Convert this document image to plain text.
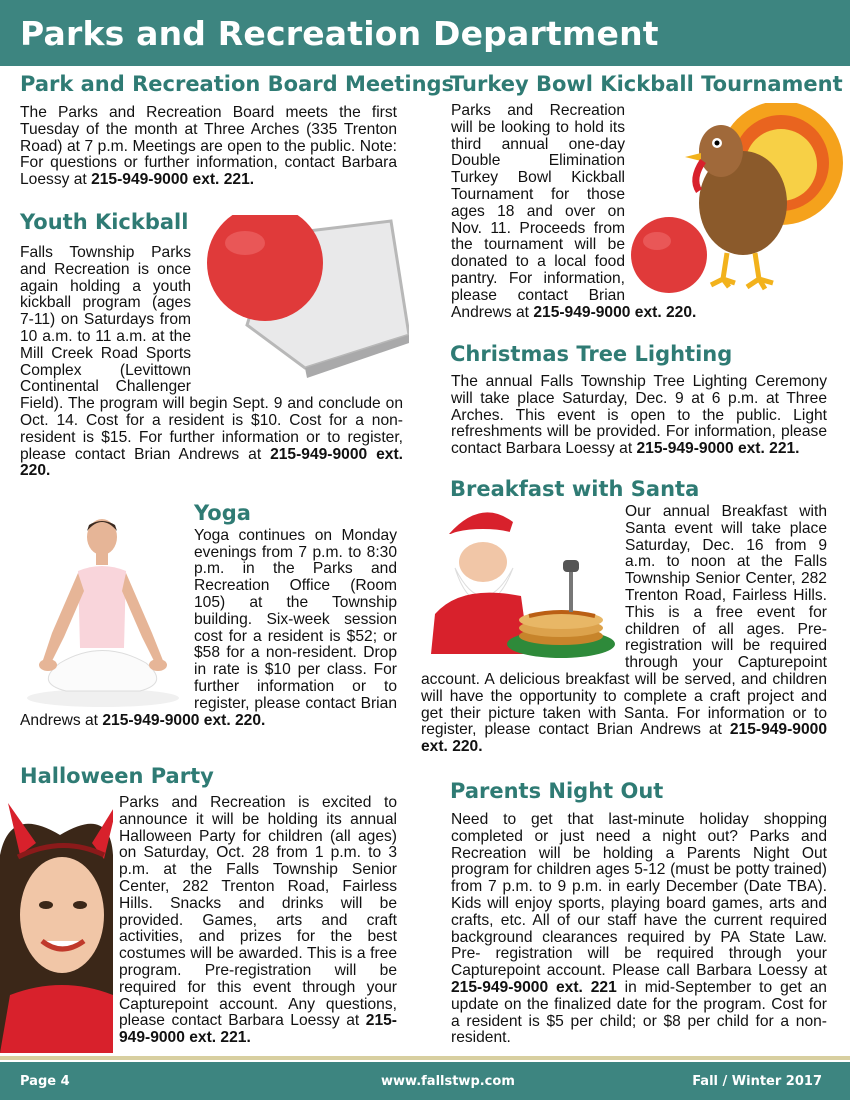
Parks and Recreation Department
Park and Recreation Board Meetings

The Parks and Recreation Board meets the first Tuesday of the month at Three Arches (335 Trenton Road) at 7 p.m. Meetings are open to the public. Note: For questions or further information, contact Barbara Loessy at 215-949-9000 ext. 221.

Youth Kickball
Falls Township Parks and Recreation is once again holding a youth kickball program (ages 7-11) on Saturdays from 10 a.m. to 11 a.m. at the Mill Creek Road Sports Complex (Levittown Continental Challenger Field). The program will begin Sept. 9 and conclude on Oct. 14. Cost for a resident is $10. Cost for a non-resident is $15. For further information or to register, please contact Brian Andrews at 215-949-9000 ext. 220.
Yoga
Yoga continues on Monday evenings from 7 p.m. to 8:30 p.m. in the Parks and Recreation Office (Room 105) at the Township building. Six-week session cost for a resident is $52; or $58 for a non-resident. Drop in rate is $10 per class. For further information or to register, please contact Brian Andrews at 215-949-9000 ext. 220.
Halloween Party
Parks and Recreation is excited to announce it will be holding its annual Halloween Party for children (all ages) on Saturday, Oct. 28 from 1 p.m. to 3 p.m. at the Falls Township Senior Center, 282 Trenton Road, Fairless Hills. Snacks and drinks will be provided. Games, arts and craft activities, and prizes for the best costumes will be awarded. This is a free program. Pre-registration will be required for this event through your Capturepoint account. Any questions, please contact Barbara Loessy at 215-949-9000 ext. 221.
Turkey Bowl Kickball Tournament
Parks and Recreation will be looking to hold its third annual one-day Double Elimination Turkey Bowl Kickball Tournament for those ages 18 and over on Nov. 11. Proceeds from the tournament will be donated to a local food pantry. For information, please contact Brian Andrews at 215-949-9000 ext. 220.
Christmas Tree Lighting

The annual Falls Township Tree Lighting Ceremony will take place Saturday, Dec. 9 at 6 p.m. at Three Arches. This event is open to the public. Light refreshments will be provided. For information, please contact Barbara Loessy at 215-949-9000 ext. 221.

Breakfast with Santa
Our annual Breakfast with Santa event will take place Saturday, Dec. 16 from 9 a.m. to noon at the Falls Township Senior Center, 282 Trenton Road, Fairless Hills. This is a free event for children of all ages. Pre-registration will be required through your Capturepoint account. A delicious breakfast will be served, and children will have the opportunity to complete a craft project and get their picture taken with Santa. For information or to register, please contact Brian Andrews at 215-949-9000 ext. 220.
Parents Night Out

Need to get that last-minute holiday shopping completed or just need a night out? Parks and Recreation will be holding a Parents Night Out program for children ages 5-12 (must be potty trained) from 7 p.m. to 9 p.m. in early December (Date TBA). Kids will enjoy sports, playing board games, arts and crafts, etc. All of our staff have the current required background clearances required by PA State Law. Pre- registration will be required through your Capturepoint account. Please call Barbara Loessy at 215-949-9000 ext. 221 in mid-September to get an update on the finalized date for the program. Cost for a resident is $5 per child; or $8 per child for a non-resident.

Page 4	www.fallstwp.com	Fall / Winter 2017
